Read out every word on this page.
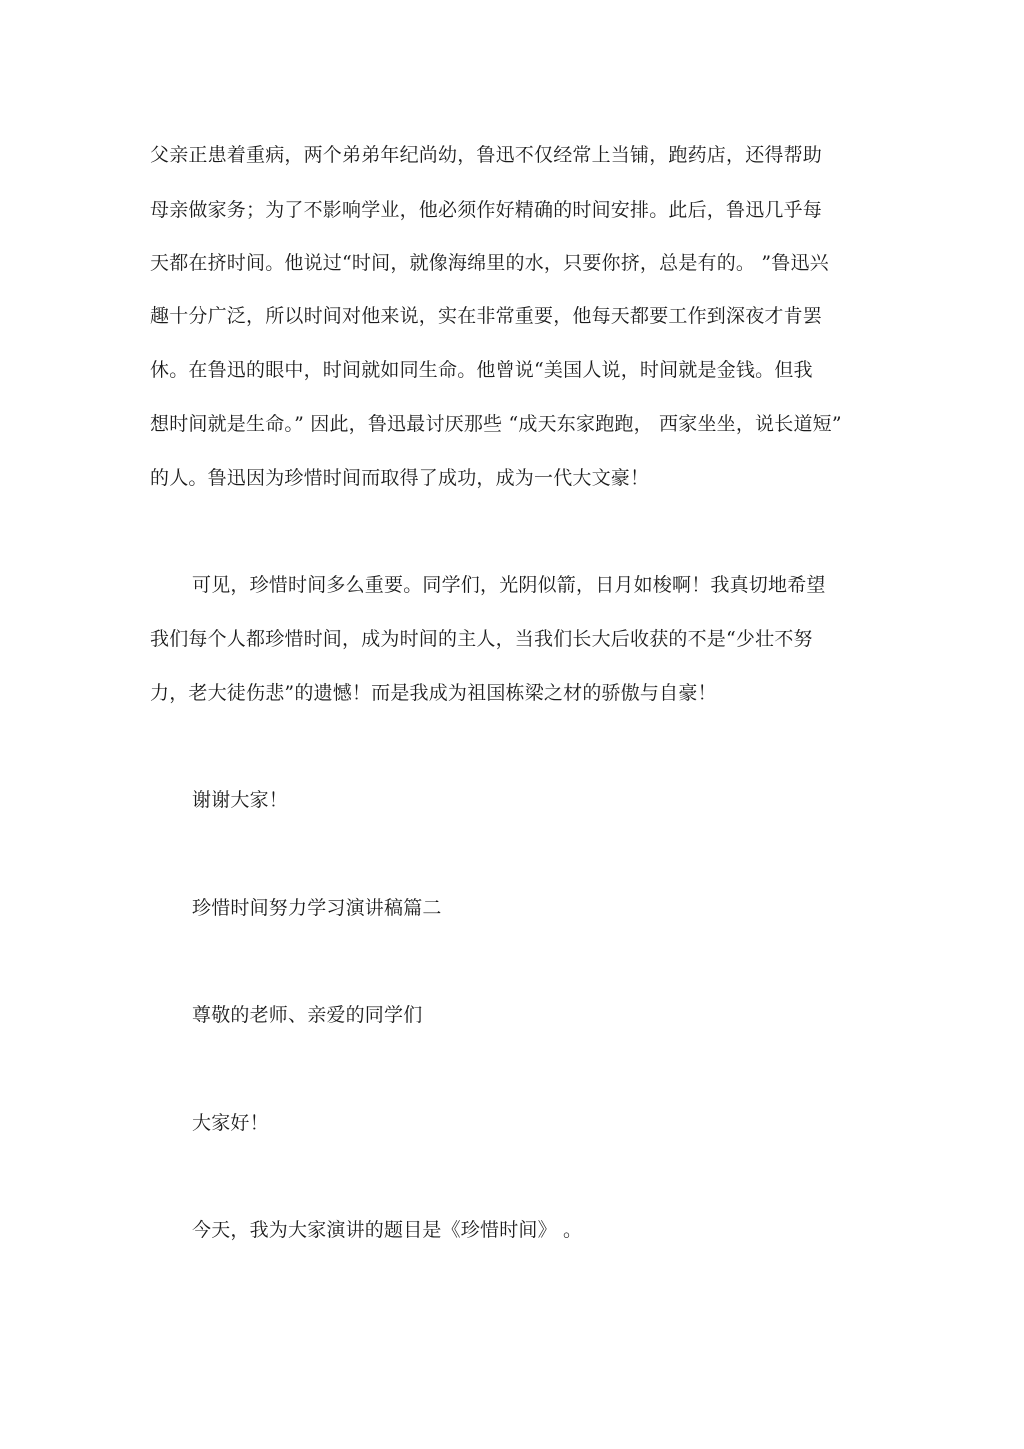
父亲正患着重病，两个弟弟年纪尚幼，鲁迅不仅经常上当铺，跑药店，还得帮助
母亲做家务；为了不影响学业，他必须作好精确的时间安排。此后，鲁迅几乎每
天都在挤时间。他说过“时间，就像海绵里的水，只要你挤，总是有的。 ”鲁迅兴
趣十分广泛，所以时间对他来说，实在非常重要，他每天都要工作到深夜才肯罢
休。在鲁迅的眼中，时间就如同生命。他曾说“美国人说，时间就是金钱。但我
想时间就是生命。” 因此，鲁迅最讨厌那些 “成天东家跑跑， 西家坐坐，说长道短”
的人。鲁迅因为珍惜时间而取得了成功，成为一代大文豪！
可见，珍惜时间多么重要。同学们，光阴似箭，日月如梭啊！我真切地希望
我们每个人都珍惜时间，成为时间的主人，当我们长大后收获的不是“少壮不努
力，老大徒伤悲”的遗憾！而是我成为祖国栋梁之材的骄傲与自豪！
谢谢大家！
珍惜时间努力学习演讲稿篇二
尊敬的老师、亲爱的同学们
大家好！
今天，我为大家演讲的题目是《珍惜时间》 。
